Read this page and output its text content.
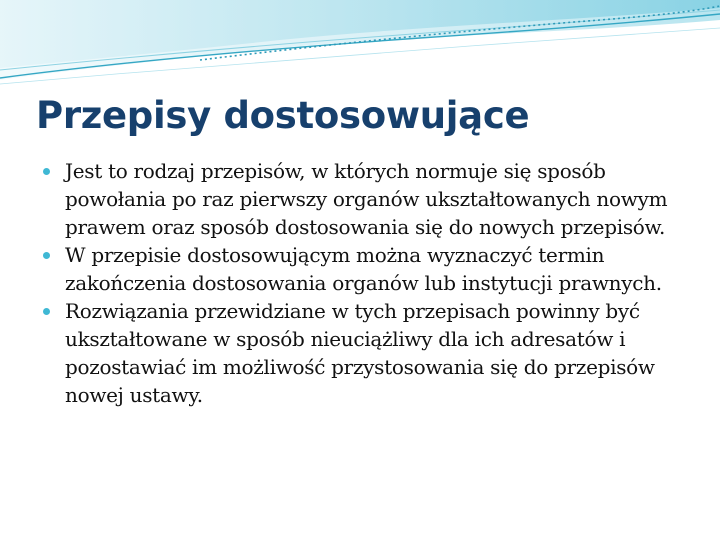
Przepisy dostosowujące
Jest to rodzaj przepisów, w których normuje się sposób powołania po raz pierwszy organów ukształtowanych nowym prawem oraz sposób dostosowania się do nowych przepisów.
W przepisie dostosowującym można wyznaczyć termin zakończenia dostosowania organów lub instytucji prawnych.
Rozwiązania przewidziane w tych przepisach powinny być ukształtowane w sposób nieuciążliwy dla ich adresatów i pozostawiać im możliwość przystosowania się do przepisów nowej ustawy.
